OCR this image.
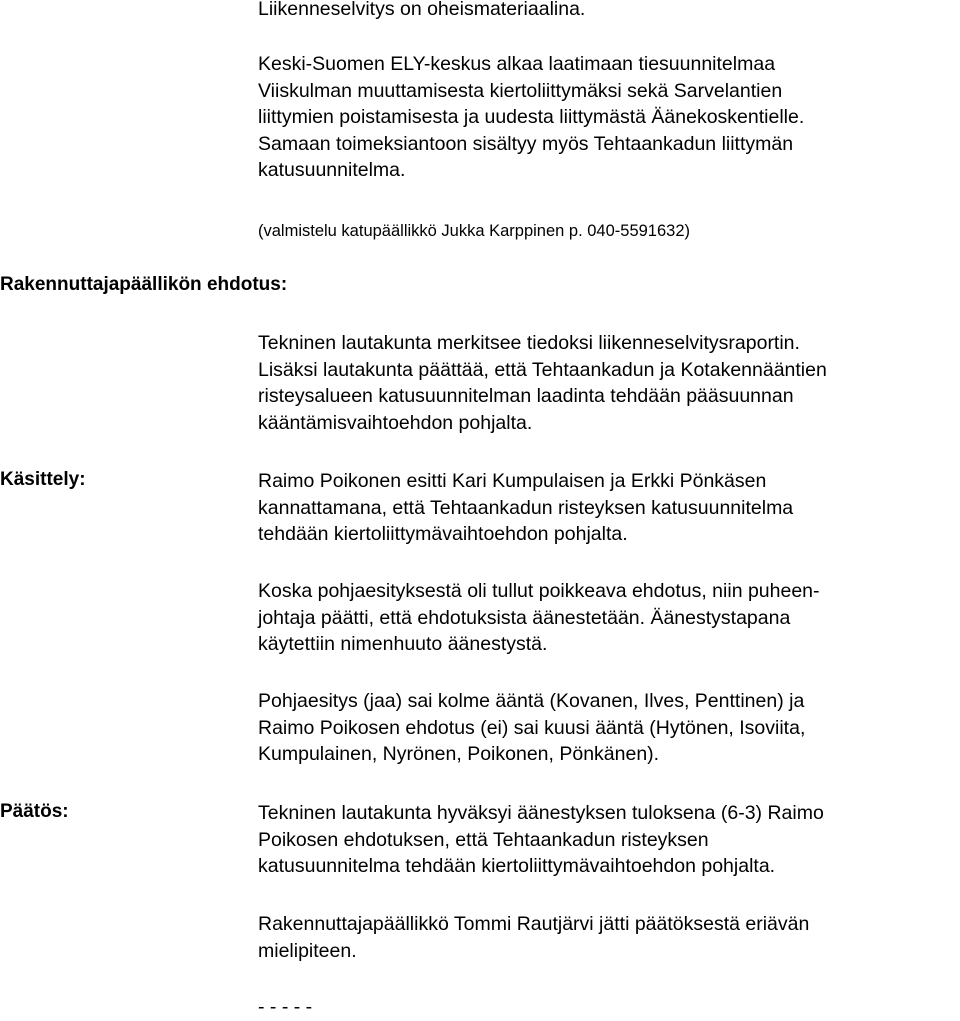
Liikenneselvitys on oheismateriaalina.

Keski-Suomen ELY-keskus alkaa laatimaan tiesuunnitelmaa
Viiskulman muuttamisesta kiertoliittymäksi sekä Sarvelantien
liittymien poistamisesta ja uudesta liittymästä Äänekoskentielle.
Samaan toimeksiantoon sisältyy myös Tehtaankadun liittymän
katusuunnitelma.

(valmistelu katupäällikkö Jukka Karppinen p. 040-5591632)

Rakennuttajapäällikön ehdotus:

Tekninen lautakunta merkitsee tiedoksi liikenneselvitysraportin.
Lisäksi lautakunta päättää, että Tehtaankadun ja Kotakennääntien
risteysalueen katusuunnitelman laadinta tehdään pääsuunnan
kääntämisvaihtoehdon pohjalta.

Käsittely:	Raimo Poikonen esitti Kari Kumpulaisen ja Erkki Pönkäsen
kannattamana, että Tehtaankadun risteyksen katusuunnitelma
tehdään kiertoliittymävaihtoehdon pohjalta.

Koska pohjaesityksestä oli tullut poikkeava ehdotus, niin puheen-
johtaja päätti, että ehdotuksista äänestetään. Äänestystapana
käytettiin nimenhuuto äänestystä.

Pohjaesitys (jaa) sai kolme ääntä (Kovanen, Ilves, Penttinen) ja
Raimo Poikosen ehdotus (ei) sai kuusi ääntä (Hytönen, Isoviita,
Kumpulainen, Nyrönen, Poikonen, Pönkänen).

Päätös:	Tekninen lautakunta hyväksyi äänestyksen tuloksena (6-3) Raimo
Poikosen ehdotuksen, että Tehtaankadun risteyksen
katusuunnitelma tehdään kiertoliittymävaihtoehdon pohjalta.

Rakennuttajapäällikkö Tommi Rautjärvi jätti päätöksestä eriävän
mielipiteen.

- - - - -
